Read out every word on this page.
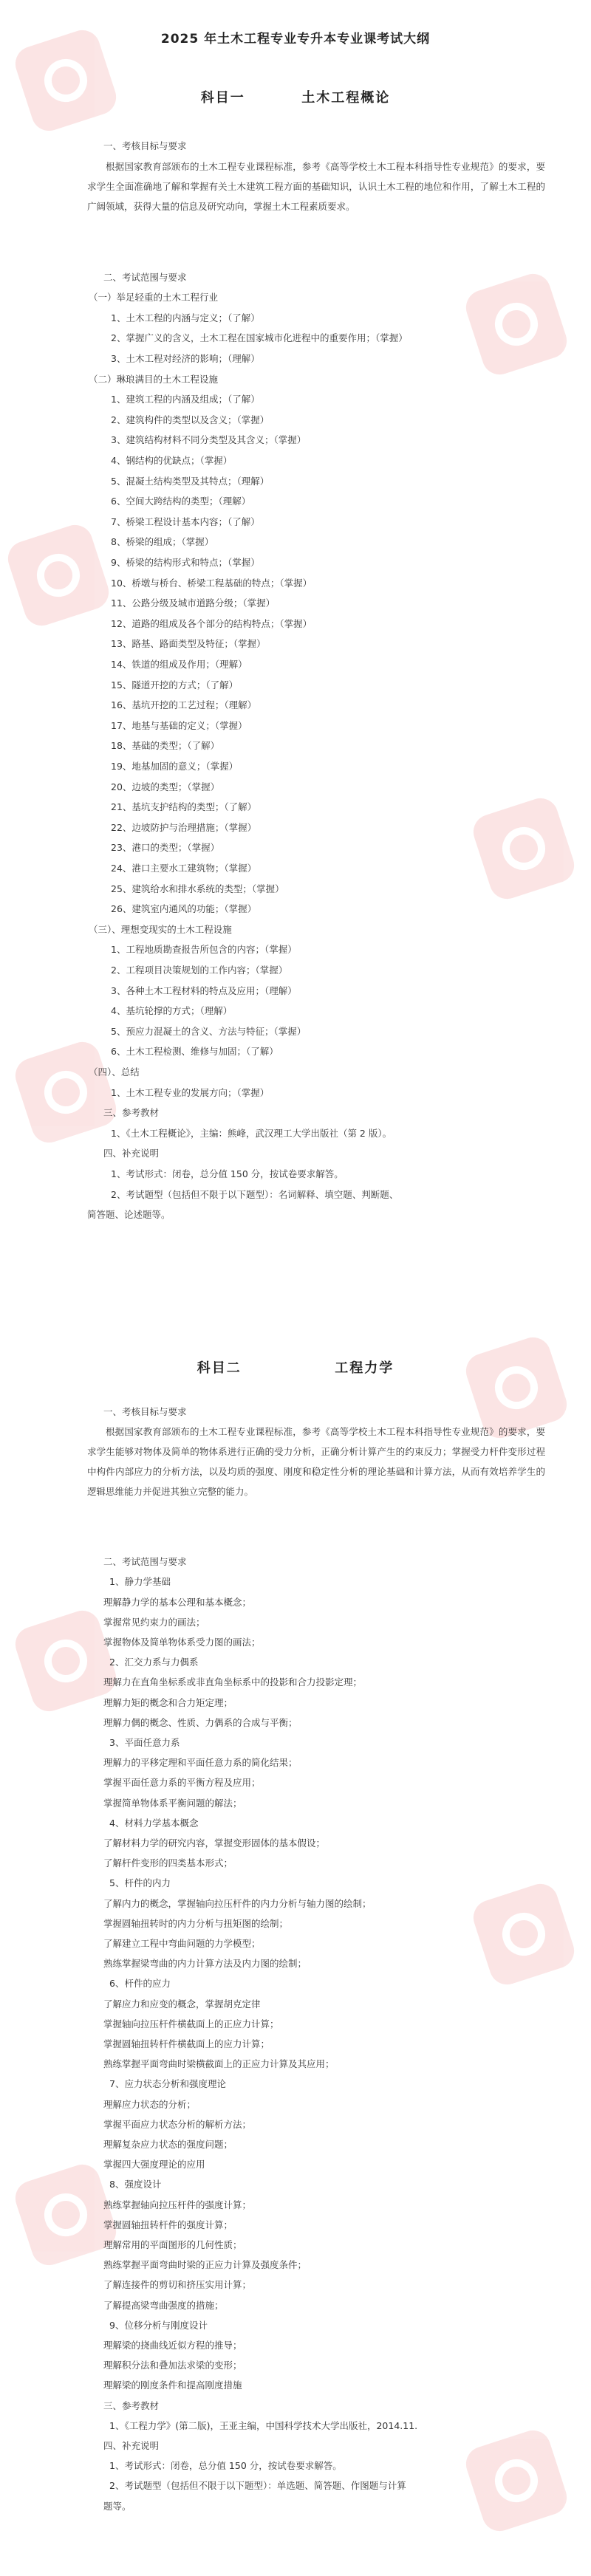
2025 年土木工程专业专升本专业课考试大纲
科目一	土木工程概论
一、考核目标与要求
根据国家教育部颁布的土木工程专业课程标准，参考《高等学校土木工程本科指导性专业规范》的要求，要求学生全面准确地了解和掌握有关土木建筑工程方面的基础知识，认识土木工程的地位和作用，了解土木工程的广阔领域，获得大量的信息及研究动向，掌握土木工程素质要求。
二、考试范围与要求
（一）举足轻重的土木工程行业
1、土木工程的内涵与定义；（了解）
2、掌握广义的含义，土木工程在国家城市化进程中的重要作用；（掌握）
3、土木工程对经济的影响；（理解）
（二）琳琅满目的土木工程设施
1、建筑工程的内涵及组成；（了解）
2、建筑构件的类型以及含义；（掌握）
3、建筑结构材料不同分类型及其含义；（掌握）
4、钢结构的优缺点；（掌握）
5、混凝土结构类型及其特点；（理解）
6、空间大跨结构的类型；（理解）
7、桥梁工程设计基本内容；（了解）
8、桥梁的组成；（掌握）
9、桥梁的结构形式和特点；（掌握）
10、桥墩与桥台、桥梁工程基础的特点；（掌握）
11、公路分级及城市道路分级；（掌握）
12、道路的组成及各个部分的结构特点；（掌握）
13、路基、路面类型及特征；（掌握）
14、铁道的组成及作用；（理解）
15、隧道开挖的方式；（了解）
16、基坑开挖的工艺过程；（理解）
17、地基与基础的定义；（掌握）
18、基础的类型；（了解）
19、地基加固的意义；（掌握）
20、边坡的类型；（掌握）
21、基坑支护结构的类型；（了解）
22、边坡防护与治理措施；（掌握）
23、港口的类型；（掌握）
24、港口主要水工建筑物；（掌握）
25、建筑给水和排水系统的类型；（掌握）
26、建筑室内通风的功能；（掌握）
（三）、理想变现实的土木工程设施
1、工程地质勘查报告所包含的内容；（掌握）
2、工程项目决策规划的工作内容；（掌握）
3、各种土木工程材料的特点及应用；（理解）
4、基坑轮撑的方式；（理解）
5、预应力混凝土的含义、方法与特征；（掌握）
6、土木工程检测、维修与加固；（了解）
（四）、总结
1、土木工程专业的发展方向；（掌握）
三、参考教材
1、《土木工程概论》，主编：熊峰，武汉理工大学出版社（第 2 版）。
四、补充说明
1、考试形式：闭卷，总分值 150 分，按试卷要求解答。
2、考试题型（包括但不限于以下题型）：名词解释、填空题、判断题、
简答题、论述题等。
科目二	工程力学
一、考核目标与要求
根据国家教育部颁布的土木工程专业课程标准，参考《高等学校土木工程本科指导性专业规范》的要求，要求学生能够对物体及简单的物体系进行正确的受力分析，正确分析计算产生的约束反力；掌握受力杆件变形过程中构件内部应力的分析方法，以及均质的强度、刚度和稳定性分析的理论基础和计算方法，从而有效培养学生的逻辑思维能力并促进其独立完整的能力。
二、考试范围与要求
1、静力学基础
理解静力学的基本公理和基本概念；
掌握常见约束力的画法；
掌握物体及简单物体系受力图的画法；
2、汇交力系与力偶系
理解力在直角坐标系或非直角坐标系中的投影和合力投影定理；
理解力矩的概念和合力矩定理；
理解力偶的概念、性质、力偶系的合成与平衡；
3、平面任意力系
理解力的平移定理和平面任意力系的简化结果；
掌握平面任意力系的平衡方程及应用；
掌握简单物体系平衡问题的解法；
4、材料力学基本概念
了解材料力学的研究内容，掌握变形固体的基本假设；
了解杆件变形的四类基本形式；
5、杆件的内力
了解内力的概念，掌握轴向拉压杆件的内力分析与轴力图的绘制；
掌握圆轴扭转时的内力分析与扭矩图的绘制；
了解建立工程中弯曲问题的力学模型；
熟练掌握梁弯曲的内力计算方法及内力图的绘制；
6、杆件的应力
了解应力和应变的概念，掌握胡克定律
掌握轴向拉压杆件横截面上的正应力计算；
掌握圆轴扭转杆件横截面上的应力计算；
熟练掌握平面弯曲时梁横截面上的正应力计算及其应用；
7、应力状态分析和强度理论
理解应力状态的分析；
掌握平面应力状态分析的解析方法；
理解复杂应力状态的强度问题；
掌握四大强度理论的应用
8、强度设计
熟练掌握轴向拉压杆件的强度计算；
掌握圆轴扭转杆件的强度计算；
理解常用的平面图形的几何性质；
熟练掌握平面弯曲时梁的正应力计算及强度条件；
了解连接件的剪切和挤压实用计算；
了解提高梁弯曲强度的措施；
9、位移分析与刚度设计
理解梁的挠曲线近似方程的推导；
理解积分法和叠加法求梁的变形；
理解梁的刚度条件和提高刚度措施
三、参考教材
1、《工程力学》(第二版)，王亚主编，中国科学技术大学出版社，2014.11.
四、补充说明
1、考试形式：闭卷，总分值 150 分，按试卷要求解答。
2、考试题型（包括但不限于以下题型）：单选题、简答题、作图题与计算
题等。
